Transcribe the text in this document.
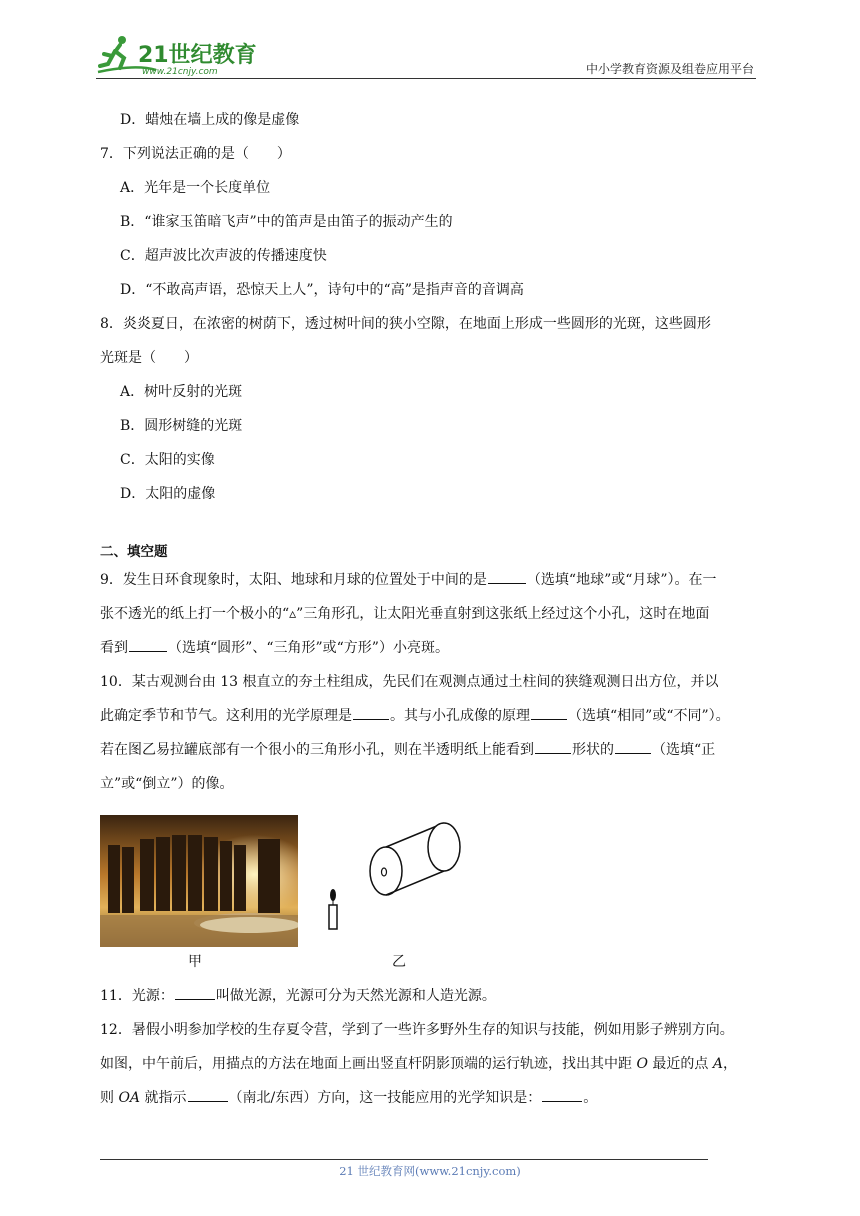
21世纪教育
www.21cnjy.com	中小学教育资源及组卷应用平台
D．蜡烛在墙上成的像是虚像
7．下列说法正确的是（　　）
A．光年是一个长度单位
B．“谁家玉笛暗飞声”中的笛声是由笛子的振动产生的
C．超声波比次声波的传播速度快
D．“不敢高声语，恐惊天上人”，诗句中的“高”是指声音的音调高
8．炎炎夏日，在浓密的树荫下，透过树叶间的狭小空隙，在地面上形成一些圆形的光斑，这些圆形
光斑是（　　）
A．树叶反射的光斑
B．圆形树缝的光斑
C．太阳的实像
D．太阳的虚像
二、填空题
9．发生日环食现象时，太阳、地球和月球的位置处于中间的是	（选填“地球”或“月球”）。在一
张不透光的纸上打一个极小的“▵”三角形孔，让太阳光垂直射到这张纸上经过这个小孔，这时在地面
看到	（选填“圆形”、“三角形”或“方形”）小亮斑。
10．某古观测台由 13 根直立的夯土柱组成，先民们在观测点通过土柱间的狭缝观测日出方位，并以
此确定季节和节气。这利用的光学原理是	。其与小孔成像的原理	（选填“相同”或“不同”）。
若在图乙易拉罐底部有一个很小的三角形小孔，则在半透明纸上能看到	形状的	（选填“正
立”或“倒立”）的像。
甲	乙
11．光源：	叫做光源，光源可分为天然光源和人造光源。
12．暑假小明参加学校的生存夏令营，学到了一些许多野外生存的知识与技能，例如用影子辨别方向。
如图，中午前后，用描点的方法在地面上画出竖直杆阴影顶端的运行轨迹，找出其中距 O 最近的点 A，
则 OA 就指示	（南北/东西）方向，这一技能应用的光学知识是：	。
21 世纪教育网(www.21cnjy.com)
